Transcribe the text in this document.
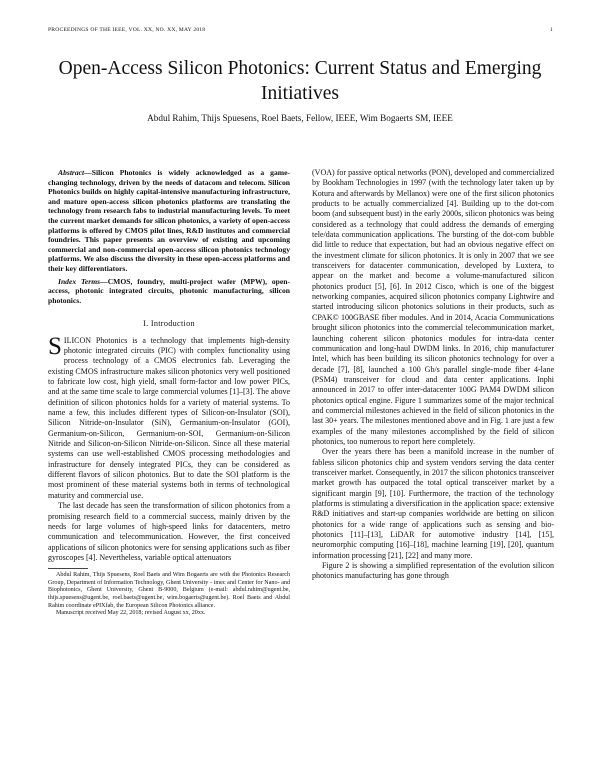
PROCEEDINGS OF THE IEEE, VOL. XX, NO. XX, MAY 2018	1
Open-Access Silicon Photonics: Current Status and Emerging Initiatives
Abdul Rahim, Thijs Spuesens, Roel Baets, Fellow, IEEE, Wim Bogaerts SM, IEEE

Abstract—Silicon Photonics is widely acknowledged as a game-changing technology, driven by the needs of datacom and telecom. Silicon Photonics builds on highly capital-intensive manufacturing infrastructure, and mature open-access silicon photonics platforms are translating the technology from research fabs to industrial manufacturing levels. To meet the current market demands for silicon photonics, a variety of open-access platforms is offered by CMOS pilot lines, R&D institutes and commercial foundries. This paper presents an overview of existing and upcoming commercial and non-commercial open-access silicon photonics technology platforms. We also discuss the diversity in these open-access platforms and their key differentiators.

Index Terms—CMOS, foundry, multi-project wafer (MPW), open-access, photonic integrated circuits, photonic manufacturing, silicon photonics.

I. Introduction

SILICON Photonics is a technology that implements high-density photonic integrated circuits (PIC) with complex functionality using process technology of a CMOS electronics fab. Leveraging the existing CMOS infrastructure makes silicon photonics very well positioned to fabricate low cost, high yield, small form-factor and low power PICs, and at the same time scale to large commercial volumes [1]–[3]. The above definition of silicon photonics holds for a variety of material systems. To name a few, this includes different types of Silicon-on-Insulator (SOI), Silicon Nitride-on-Insulator (SiN), Germanium-on-Insulator (GOI), Germanium-on-Silicon, Germanium-on-SOI, Germanium-on-Silicon Nitride and Silicon-on-Silicon Nitride-on-Silicon. Since all these material systems can use well-established CMOS processing methodologies and infrastructure for densely integrated PICs, they can be considered as different flavors of silicon photonics. But to date the SOI platform is the most prominent of these material systems both in terms of technological maturity and commercial use.

The last decade has seen the transformation of silicon photonics from a promising research field to a commercial success, mainly driven by the needs for large volumes of high-speed links for datacenters, metro communication and telecommunication. However, the first conceived applications of silicon photonics were for sensing applications such as fiber gyroscopes [4]. Nevertheless, variable optical attenuators

Abdul Rahim, Thijs Spuesens, Roel Baets and Wim Bogaerts are with the Photonics Research Group, Department of Information Technology, Ghent University - imec and Center for Nano- and Biophotonics, Ghent University, Ghent B-9000, Belgium (e-mail: abdul.rahim@ugent.be, thijs.spuesens@ugent.be, roel.baets@ugent.be, wim.bogaerts@ugent.be). Roel Baets and Abdul Rahim coordinate ePIXfab, the European Silicon Photonics alliance.

Manuscript received May 22, 2018; revised August xx, 20xx.

(VOA) for passive optical networks (PON), developed and commercialized by Bookham Technologies in 1997 (with the technology later taken up by Kotura and afterwards by Mellanox) were one of the first silicon photonics products to be actually commercialized [4]. Building up to the dot-com boom (and subsequent bust) in the early 2000s, silicon photonics was being considered as a technology that could address the demands of emerging tele/data communication applications. The bursting of the dot-com bubble did little to reduce that expectation, but had an obvious negative effect on the investment climate for silicon photonics. It is only in 2007 that we see transceivers for datacenter communication, developed by Luxtera, to appear on the market and become a volume-manufactured silicon photonics product [5], [6]. In 2012 Cisco, which is one of the biggest networking companies, acquired silicon photonics company Lightwire and started introducing silicon photonics solutions in their products, such as CPAK© 100GBASE fiber modules. And in 2014, Acacia Communications brought silicon photonics into the commercial telecommunication market, launching coherent silicon photonics modules for intra-data center communication and long-haul DWDM links. In 2016, chip manufacturer Intel, which has been building its silicon photonics technology for over a decade [7], [8], launched a 100 Gb/s parallel single-mode fiber 4-lane (PSM4) transceiver for cloud and data center applications. Inphi announced in 2017 to offer inter-datacenter 100G PAM4 DWDM silicon photonics optical engine. Figure 1 summarizes some of the major technical and commercial milestones achieved in the field of silicon photonics in the last 30+ years. The milestones mentioned above and in Fig. 1 are just a few examples of the many milestones accomplished by the field of silicon photonics, too numerous to report here completely.

Over the years there has been a manifold increase in the number of fabless silicon photonics chip and system vendors serving the data center transceiver market. Consequently, in 2017 the silicon photonics transceiver market growth has outpaced the total optical transceiver market by a significant margin [9], [10]. Furthermore, the traction of the technology platforms is stimulating a diversification in the application space: extensive R&D initiatives and start-up companies worldwide are betting on silicon photonics for a wide range of applications such as sensing and bio-photonics [11]–[13], LiDAR for automotive industry [14], [15], neuromorphic computing [16]–[18], machine learning [19], [20], quantum information processing [21], [22] and many more.

Figure 2 is showing a simplified representation of the evolution silicon photonics manufacturing has gone through
